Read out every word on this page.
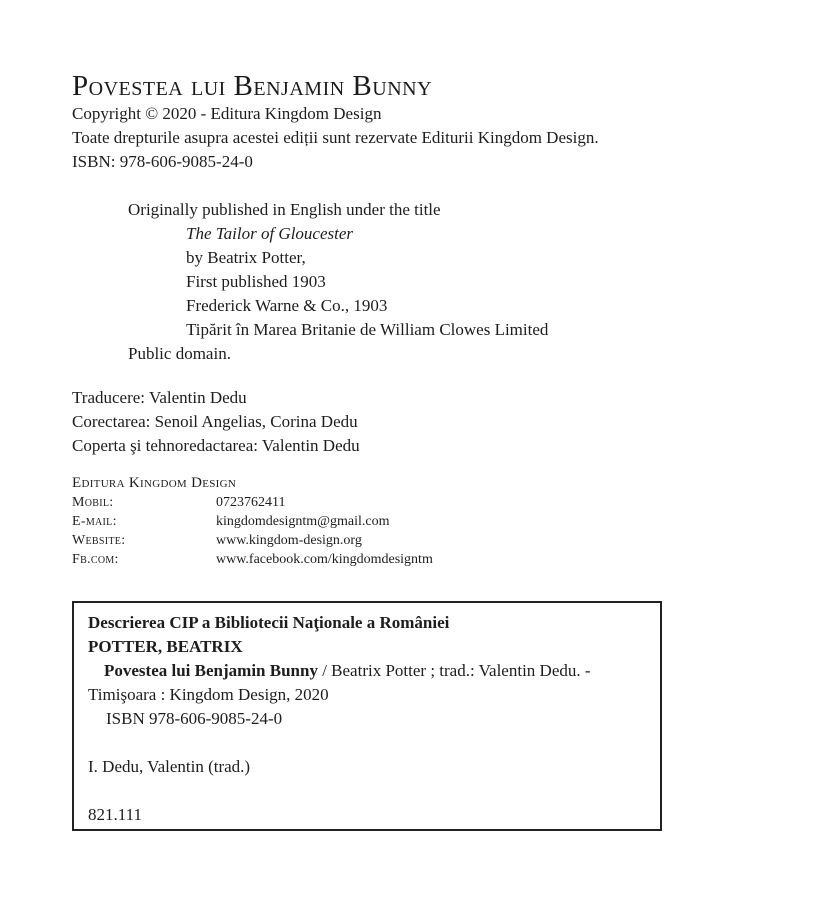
Povestea lui Benjamin Bunny
Copyright © 2020 - Editura Kingdom Design
Toate drepturile asupra acestei ediții sunt rezervate Editurii Kingdom Design.
ISBN: 978-606-9085-24-0
Originally published in English under the title
The Tailor of Gloucester
by Beatrix Potter,
First published 1903
Frederick Warne & Co., 1903
Tipărit în Marea Britanie de William Clowes Limited
Public domain.
Traducere: Valentin Dedu
Corectarea: Senoil Angelias, Corina Dedu
Coperta şi tehnoredactarea: Valentin Dedu
Editura Kingdom Design
Mobil:	0723762411
E-mail:	kingdomdesigntm@gmail.com
Website:	www.kingdom-design.org
Fb.com:	www.facebook.com/kingdomdesigntm
Descrierea CIP a Bibliotecii Naţionale a României
POTTER, BEATRIX
Povestea lui Benjamin Bunny / Beatrix Potter ; trad.: Valentin Dedu. -
Timişoara : Kingdom Design, 2020
ISBN 978-606-9085-24-0
I. Dedu, Valentin (trad.)
821.111
